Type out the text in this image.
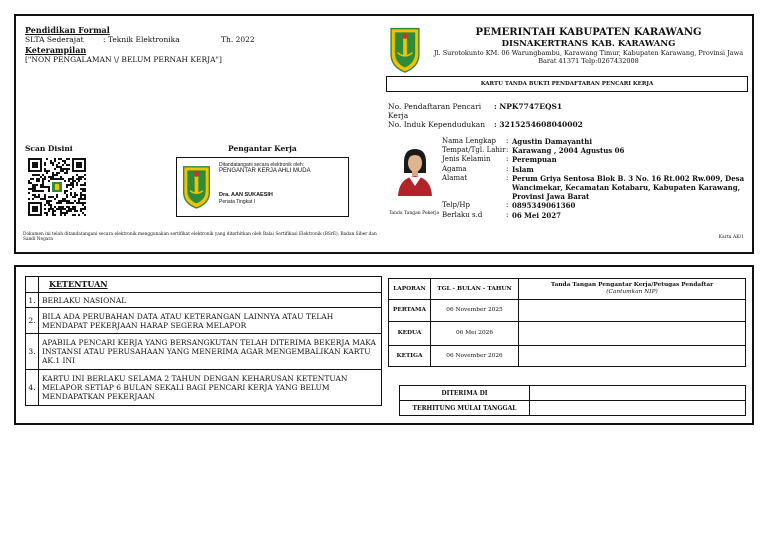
Pendidikan Formal
SLTA Sederajat	: Teknik Elektronika	Th. 2022
Keterampilan
["NON PENGALAMAN \/ BELUM PERNAH KERJA"]
Scan Disini	Pengantar Kerja
Ditandatangani secara elektronik oleh:
PENGANTAR KERJA AHLI MUDA
Dra. AAN SUKAESIH
Penata Tingkat I
Dokumen ini telah ditandatangani secara elektronik menggunakan sertifikat elektronik yang diterbitkan oleh Balai Sertifikasi Elektronik (BSrE), Badan Siber dan Sandi Negara	Kartu AK/1
PEMERINTAH KABUPATEN KARAWANG
DISNAKERTRANS KAB. KARAWANG
Jl. Surotokunto KM. 06 Warungbambu, Karawang Timur, Kabupaten Karawang, Provinsi Jawa Barat 41371 Telp:0267432008
KARTU TANDA BUKTI PENDAFTARAN PENCARI KERJA
No. Pendaftaran Pencari Kerja
: NPK7747EQS1
No. Induk Kependudukan	: 3215254608040002
Tanda Tangan Pekerja
Nama Lengkap	: Agustin Damayanthi
Tempat/Tgl. Lahir : Karawang , 2004 Agustus 06
Jenis Kelamin	: Perempuan
Agama	: Islam
Alamat	: Perum Griya Sentosa Blok B. 3 No. 16 Rt.002 Rw.009, Desa Wancimekar, Kecamatan Kotabaru, Kabupaten Karawang, Provinsi Jawa Barat
Telp/Hp	: 0895349061360
Berlaku s.d	: 06 Mei 2027
	KETENTUAN
1.	BERLAKU NASIONAL
2.	BILA ADA PERUBAHAN DATA ATAU KETERANGAN LAINNYA ATAU TELAH MENDAPAT PEKERJAAN HARAP SEGERA MELAPOR
3.	APABILA PENCARI KERJA YANG BERSANGKUTAN TELAH DITERIMA BEKERJA MAKA INSTANSI ATAU PERUSAHAAN YANG MENERIMA AGAR MENGEMBALIKAN KARTU AK.1 INI
4.	KARTU INI BERLAKU SELAMA 2 TAHUN DENGAN KEHARUSAN KETENTUAN MELAPOR SETIAP 6 BULAN SEKALI BAGI PENCARI KERJA YANG BELUM MENDAPATKAN PEKERJAAN
LAPORAN	TGL - BULAN - TAHUN	Tanda Tangan Pengantar Kerja/Petugas Pendaftar
(Cantumkan NIP)

PERTAMA	06 November 2025	
KEDUA	06 Mei 2026	
KETIGA	06 November 2026	
DITERIMA DI	
TERHITUNG MULAI TANGGAL	
